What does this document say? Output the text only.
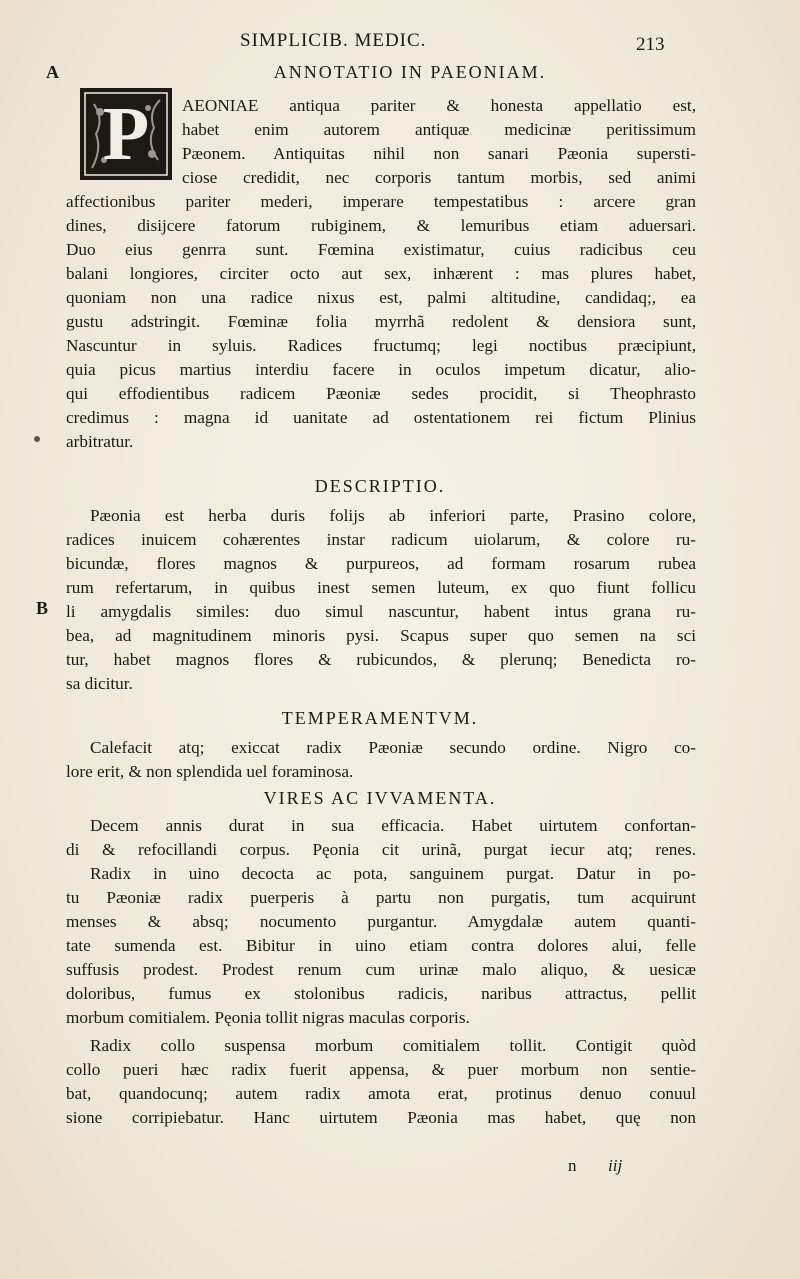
SIMPLICIB. MEDIC.	213
A
B
ANNOTATIO IN PAEONIAM.
P	AEONIAE antiqua pariter & honesta appellatio est,
habet enim autorem antiquæ medicinæ peritissimum
Pæonem. Antiquitas nihil non sanari Pæonia supersti-
ciose credidit, nec corporis tantum morbis, sed animi
affectionibus pariter mederi, imperare tempestatibus : arcere gran
dines, disijcere fatorum rubiginem, & lemuribus etiam aduersari.
Duo eius genrra sunt. Fœmina existimatur, cuius radicibus ceu
balani longiores, circiter octo aut sex, inhærent : mas plures habet,
quoniam non una radice nixus est, palmi altitudine, candidaq;, ea
gustu adstringit. Fœminæ folia myrrhã redolent & densiora sunt,
Nascuntur in syluis. Radices fructumq; legi noctibus præcipiunt,
quia picus martius interdiu facere in oculos impetum dicatur, alio-
qui effodientibus radicem Pæoniæ sedes procidit, si Theophrasto
credimus : magna id uanitate ad ostentationem rei fictum Plinius
arbitratur.
DESCRIPTIO.
Pæonia est herba duris folijs ab inferiori parte, Prasino colore,
radices inuicem cohærentes instar radicum uiolarum, & colore ru-
bicundæ, flores magnos & purpureos, ad formam rosarum rubea
rum refertarum, in quibus inest semen luteum, ex quo fiunt follicu
li amygdalis similes: duo simul nascuntur, habent intus grana ru-
bea, ad magnitudinem minoris pysi. Scapus super quo semen na sci
tur, habet magnos flores & rubicundos, & plerunq; Benedicta ro-
sa dicitur.
TEMPERAMENTVM.
Calefacit atq; exiccat radix Pæoniæ secundo ordine. Nigro co-
lore erit, & non splendida uel foraminosa.
VIRES AC IVVAMENTA.
Decem annis durat in sua efficacia. Habet uirtutem confortan-
di & refocillandi corpus. Pęonia cit urinã, purgat iecur atq; renes.
Radix in uino decocta ac pota, sanguinem purgat. Datur in po-
tu Pæoniæ radix puerperis à partu non purgatis, tum acquirunt
menses & absq; nocumento purgantur. Amygdalæ autem quanti-
tate sumenda est. Bibitur in uino etiam contra dolores alui, felle
suffusis prodest. Prodest renum cum urinæ malo aliquo, & uesicæ
doloribus, fumus ex stolonibus radicis, naribus attractus, pellit
morbum comitialem. Pęonia tollit nigras maculas corporis.
Radix collo suspensa morbum comitialem tollit. Contigit quòd
collo pueri hæc radix fuerit appensa, & puer morbum non sentie-
bat, quandocunq; autem radix amota erat, protinus denuo conuul
sione corripiebatur. Hanc uirtutem Pæonia mas habet, quę non
n iij
